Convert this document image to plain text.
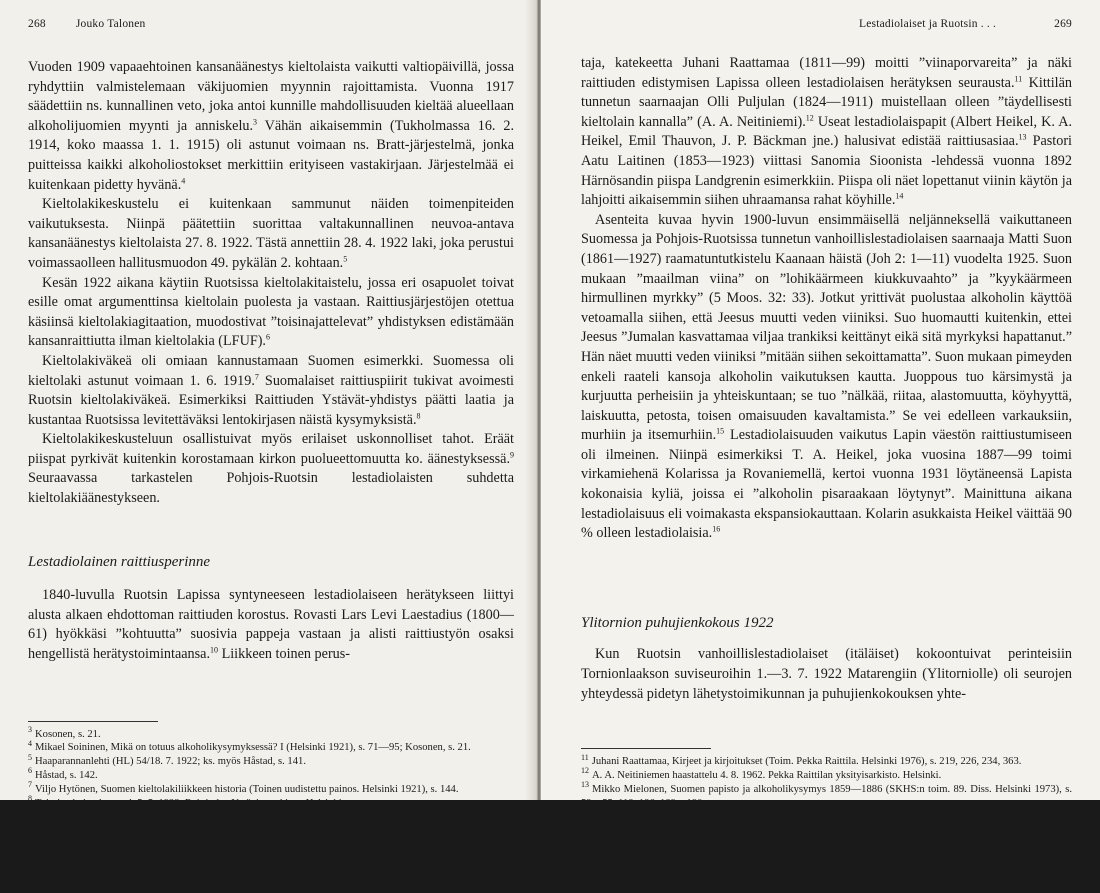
268	Jouko Talonen

Vuoden 1909 vapaaehtoinen kansanäänestys kieltolaista vaikutti valtiopäivillä, jossa ryhdyttiin valmistelemaan väkijuomien myynnin rajoittamista. Vuonna 1917 säädettiin ns. kunnallinen veto, joka antoi kunnille mahdollisuuden kieltää alueellaan alkoholijuomien myynti ja anniskelu.$^3$ Vähän aikaisemmin (Tukholmassa 16. 2. 1914, koko maassa 1. 1. 1915) oli astunut voimaan ns. Bratt-järjestelmä, jonka puitteissa kaikki alkoholiostokset merkittiin erityiseen vastakirjaan. Järjestelmää ei kuitenkaan pidetty hyvänä.$^4$

Kieltolakikeskustelu ei kuitenkaan sammunut näiden toimenpiteiden vaikutuksesta. Niinpä päätettiin suorittaa valtakunnallinen neuvoa-antava kansanäänestys kieltolaista 27. 8. 1922. Tästä annettiin 28. 4. 1922 laki, joka perustui voimassaolleen hallitusmuodon 49. pykälän 2. kohtaan.$^5$

Kesän 1922 aikana käytiin Ruotsissa kieltolakitaistelu, jossa eri osapuolet toivat esille omat argumenttinsa kieltolain puolesta ja vastaan. Raittiusjärjestöjen otettua käsiinsä kieltolakiagitaation, muodostivat ”toisinajattelevat” yhdistyksen edistämään kansanraittiutta ilman kieltolakia (LFUF).$^6$

Kieltolakiväkeä oli omiaan kannustamaan Suomen esimerkki. Suomessa oli kieltolaki astunut voimaan 1. 6. 1919.$^7$ Suomalaiset raittiuspiirit tukivat avoimesti Ruotsin kieltolakiväkeä. Esimerkiksi Raittiuden Ystävät-yhdistys päätti laatia ja kustantaa Ruotsissa levitettäväksi lentokirjasen näistä kysymyksistä.$^8$

Kieltolakikeskusteluun osallistuivat myös erilaiset uskonnolliset tahot. Eräät piispat pyrkivät kuitenkin korostamaan kirkon puolueettomuutta ko. äänestyksessä.$^9$ Seuraavassa tarkastelen Pohjois-Ruotsin lestadiolaisten suhdetta kieltolakiäänestykseen.

Lestadiolainen raittiusperinne

1840-luvulla Ruotsin Lapissa syntyneeseen lestadiolaiseen herätykseen liittyi alusta alkaen ehdottoman raittiuden korostus. Rovasti Lars Levi Laestadius (1800—61) hyökkäsi ”kohtuutta” suosivia pappeja vastaan ja alisti raittiustyön osaksi hengellistä herätystoimintaansa.$^{10}$ Liikkeen toinen perus-

$^3$ Kosonen, s. 21.

$^4$ Mikael Soininen, Mikä on totuus alkoholikysymyksessä? I (Helsinki 1921), s. 71—95; Kosonen, s. 21.

$^5$ Haaparannanlehti (HL) 54/18. 7. 1922; ks. myös Håstad, s. 141.

$^6$ Håstad, s. 142.

$^7$ Viljo Hytönen, Suomen kieltolakiliikkeen historia (Toinen uudistettu painos. Helsinki 1921), s. 144.

$^8$ Toimistokokouksen ptk 5. 5. 1922. Raittiuden Ystävien arkisto. Helsinki.

$^9$ HL 53/14. 7. 1922.

$^{10}$ Martti E. Miettinen, Lars Levi Laestadiuksen käsitys raittiustyön periaatteista (Kotimaa 8. 9. ja 11. 9. 1942); Ossi Ylimaula, Lauri Leevi Laestadius raittiuden esitaistelijana (Pro gradu -tutkielma. Helsingin yliopiston teologisen tiedekunnan kirjasto s.a.), s. 100, 110; lestadiolaisuuden vaikuttajien syntymä- ja kuolinvuodet teoksesta: Pekka Raittila, Lestadiolaisuuden matrikkeli ja bibliografia (Suomen kirkkohistoriallisen seuran (SKHS) toimituksia 74. Helsinki 1967).

Lestadiolaiset ja Ruotsin . . .	269

taja, katekeetta Juhani Raattamaa (1811—99) moitti ”viinaporvareita” ja näki raittiuden edistymisen Lapissa olleen lestadiolaisen herätyksen seurausta.$^{11}$ Kittilän tunnetun saarnaajan Olli Puljulan (1824—1911) muistellaan olleen ”täydellisesti kieltolain kannalla” (A. A. Neitiniemi).$^{12}$ Useat lestadiolaispapit (Albert Heikel, K. A. Heikel, Emil Thauvon, J. P. Bäckman jne.) halusivat edistää raittiusasiaa.$^{13}$ Pastori Aatu Laitinen (1853—1923) viittasi Sanomia Sioonista -lehdessä vuonna 1892 Härnösandin piispa Landgrenin esimerkkiin. Piispa oli näet lopettanut viinin käytön ja lahjoitti aikaisemmin siihen uhraamansa rahat köyhille.$^{14}$

Asenteita kuvaa hyvin 1900-luvun ensimmäisellä neljänneksellä vaikuttaneen Suomessa ja Pohjois-Ruotsissa tunnetun vanhoillislestadiolaisen saarnaaja Matti Suon (1861—1927) raamatuntutkistelu Kaanaan häistä (Joh 2: 1—11) vuodelta 1925. Suon mukaan ”maailman viina” on ”lohikäärmeen kiukkuvaahto” ja ”kyykäärmeen hirmullinen myrkky” (5 Moos. 32: 33). Jotkut yrittivät puolustaa alkoholin käyttöä vetoamalla siihen, että Jeesus muutti veden viiniksi. Suo huomautti kuitenkin, ettei Jeesus ”Jumalan kasvattamaa viljaa trankiksi keittänyt eikä sitä myrkyksi hapattanut.” Hän näet muutti veden viiniksi ”mitään siihen sekoittamatta”. Suon mukaan pimeyden enkeli raateli kansoja alkoholin vaikutuksen kautta. Juoppous tuo kärsimystä ja kurjuutta perheisiin ja yhteiskuntaan; se tuo ”nälkää, riitaa, alastomuutta, köyhyyttä, laiskuutta, petosta, toisen omaisuuden kavaltamista.” Se vei edelleen varkauksiin, murhiin ja itsemurhiin.$^{15}$ Lestadiolaisuuden vaikutus Lapin väestön raittiustumiseen oli ilmeinen. Niinpä esimerkiksi T. A. Heikel, joka vuosina 1887—99 toimi virkamiehenä Kolarissa ja Rovaniemellä, kertoi vuonna 1931 löytäneensä Lapista kokonaisia kyliä, joissa ei ”alkoholin pisaraakaan löytynyt”. Mainittuna aikana lestadiolaisuus eli voimakasta ekspansiokauttaan. Kolarin asukkaista Heikel väittää 90 % olleen lestadiolaisia.$^{16}$

Ylitornion puhujienkokous 1922

Kun Ruotsin vanhoillislestadiolaiset (itäläiset) kokoontuivat perinteisiin Tornionlaakson suviseuroihin 1.—3. 7. 1922 Matarengiin (Ylitorniolle) oli seurojen yhteydessä pidetyn lähetystoimikunnan ja puhujienkokouksen yhte-

$^{11}$ Juhani Raattamaa, Kirjeet ja kirjoitukset (Toim. Pekka Raittila. Helsinki 1976), s. 219, 226, 234, 363.

$^{12}$ A. A. Neitiniemen haastattelu 4. 8. 1962. Pekka Raittilan yksityisarkisto. Helsinki.

$^{13}$ Mikko Mielonen, Suomen papisto ja alkoholikysymys 1859—1886 (SKHS:n toim. 89. Diss. Helsinki 1973), s. 52—55, 118, 186, 189—190.

$^{14}$ A.L., Kehotus säästäväisyyteen (Sanomia Siionista 1892).

$^{15}$ Siionin Lähetyslehti 1925, s. 155—158; Matti Suo, Salattu viisaus I (Oulu 1971), s. 88—90.

$^{16}$ T. A. Heikel, Huomioitani laestadiolaisuudesta (Suomen matkailijayhdistyksen vuosikirja 1931. Helsinki 1931), s. 113—114.
